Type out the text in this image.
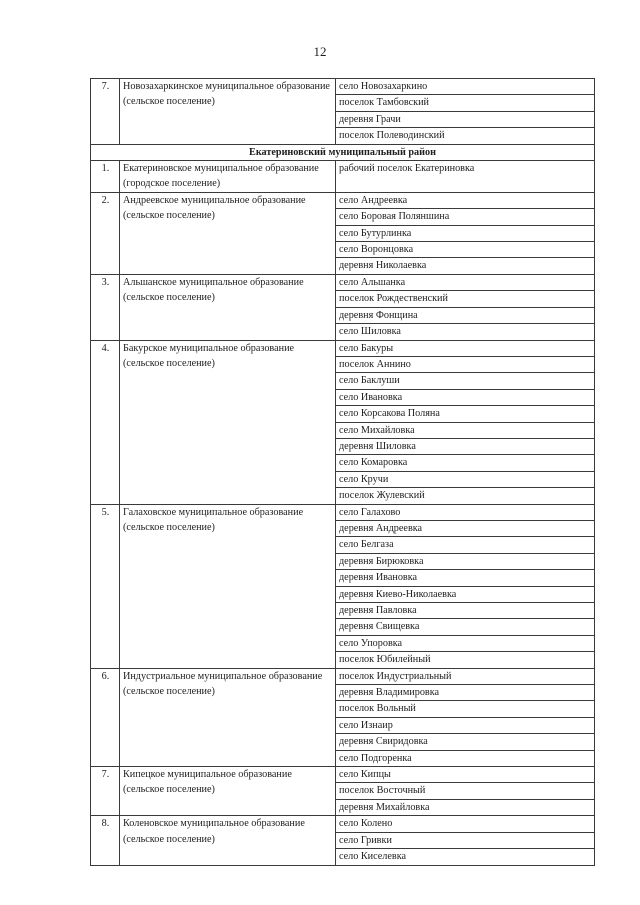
12
7.	Новозахаркинское муниципальное образование (сельское поселение)	село Новозахаркино
		поселок Тамбовский
		деревня Грачи
		поселок Полеводинский
Екатериновский муниципальный район		
1.	Екатериновское муниципальное образование (городское поселение)	рабочий поселок Екатериновка
2.	Андреевское муниципальное образование (сельское поселение)	село Андреевка
		село Боровая Поляншина
		село Бутурлинка
		село Воронцовка
		деревня Николаевка
3.	Альшанское муниципальное образование (сельское поселение)	село Альшанка
		поселок Рождественский
		деревня Фонщина
		село Шиловка
4.	Бакурское муниципальное образование (сельское поселение)	село Бакуры
		поселок Аннино
		село Баклуши
		село Ивановка
		село Корсакова Поляна
		село Михайловка
		деревня Шиловка
		село Комаровка
		село Кручи
		поселок Жулевский
5.	Галаховское муниципальное образование (сельское поселение)	село Галахово
		деревня Андреевка
		село Белгаза
		деревня Бирюковка
		деревня Ивановка
		деревня Киево-Николаевка
		деревня Павловка
		деревня Свищевка
		село Упоровка
		поселок Юбилейный
6.	Индустриальное муниципальное образование (сельское поселение)	поселок Индустриальный
		деревня Владимировка
		поселок Вольный
		село Изнаир
		деревня Свиридовка
		село Подгоренка
7.	Кипецкое муниципальное образование (сельское поселение)	село Кипцы
		поселок Восточный
		деревня Михайловка
8.	Коленовское муниципальное образование (сельское поселение)	село Колено
		село Гривки
		село Киселевка
